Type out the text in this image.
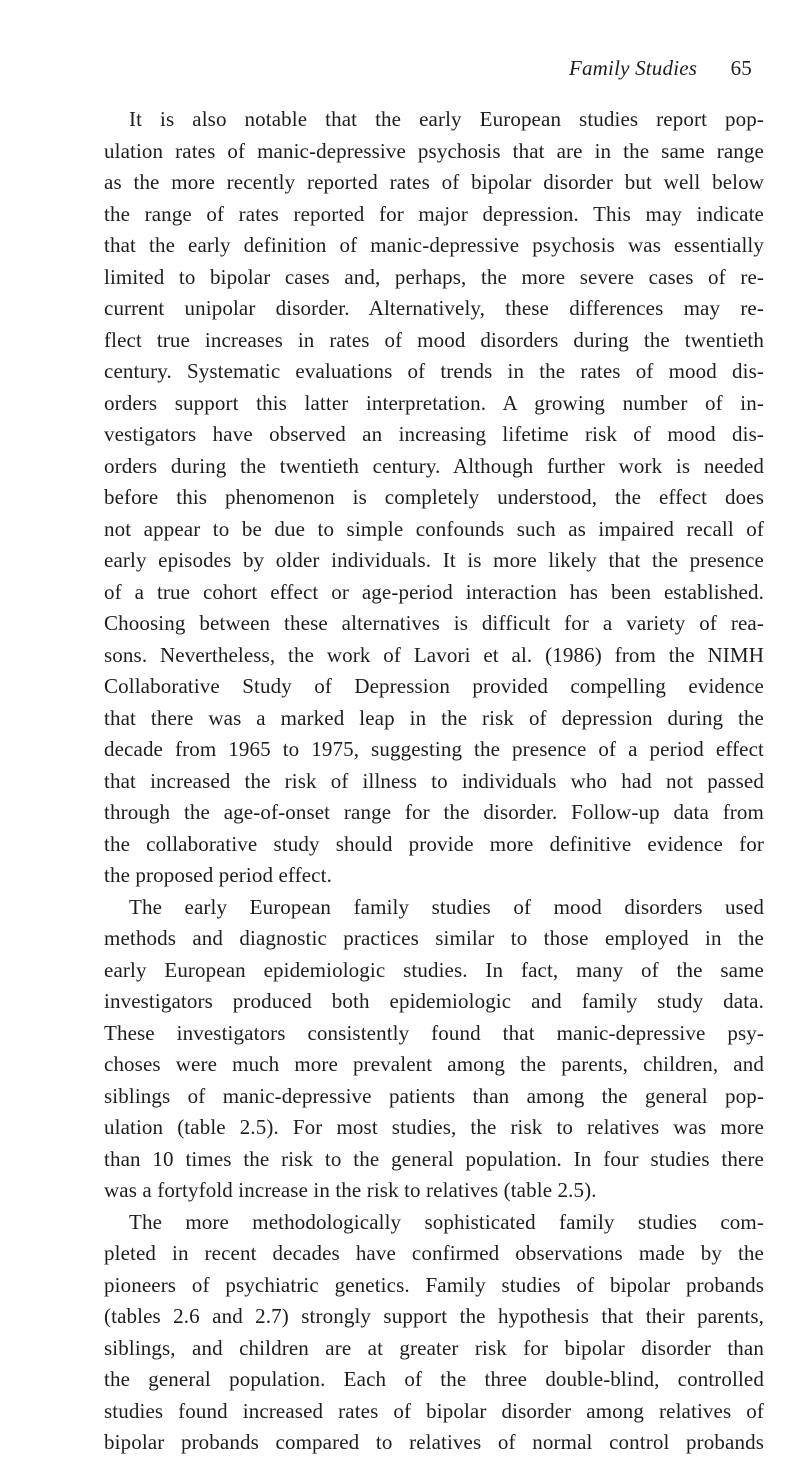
Family Studies 65
It is also notable that the early European studies report pop-
ulation rates of manic-depressive psychosis that are in the same range
as the more recently reported rates of bipolar disorder but well below
the range of rates reported for major depression. This may indicate
that the early definition of manic-depressive psychosis was essentially
limited to bipolar cases and, perhaps, the more severe cases of re-
current unipolar disorder. Alternatively, these differences may re-
flect true increases in rates of mood disorders during the twentieth
century. Systematic evaluations of trends in the rates of mood dis-
orders support this latter interpretation. A growing number of in-
vestigators have observed an increasing lifetime risk of mood dis-
orders during the twentieth century. Although further work is needed
before this phenomenon is completely understood, the effect does
not appear to be due to simple confounds such as impaired recall of
early episodes by older individuals. It is more likely that the presence
of a true cohort effect or age-period interaction has been established.
Choosing between these alternatives is difficult for a variety of rea-
sons. Nevertheless, the work of Lavori et al. (1986) from the NIMH
Collaborative Study of Depression provided compelling evidence
that there was a marked leap in the risk of depression during the
decade from 1965 to 1975, suggesting the presence of a period effect
that increased the risk of illness to individuals who had not passed
through the age-of-onset range for the disorder. Follow-up data from
the collaborative study should provide more definitive evidence for
the proposed period effect.
The early European family studies of mood disorders used
methods and diagnostic practices similar to those employed in the
early European epidemiologic studies. In fact, many of the same
investigators produced both epidemiologic and family study data.
These investigators consistently found that manic-depressive psy-
choses were much more prevalent among the parents, children, and
siblings of manic-depressive patients than among the general pop-
ulation (table 2.5). For most studies, the risk to relatives was more
than 10 times the risk to the general population. In four studies there
was a fortyfold increase in the risk to relatives (table 2.5).
The more methodologically sophisticated family studies com-
pleted in recent decades have confirmed observations made by the
pioneers of psychiatric genetics. Family studies of bipolar probands
(tables 2.6 and 2.7) strongly support the hypothesis that their parents,
siblings, and children are at greater risk for bipolar disorder than
the general population. Each of the three double-blind, controlled
studies found increased rates of bipolar disorder among relatives of
bipolar probands compared to relatives of normal control probands
